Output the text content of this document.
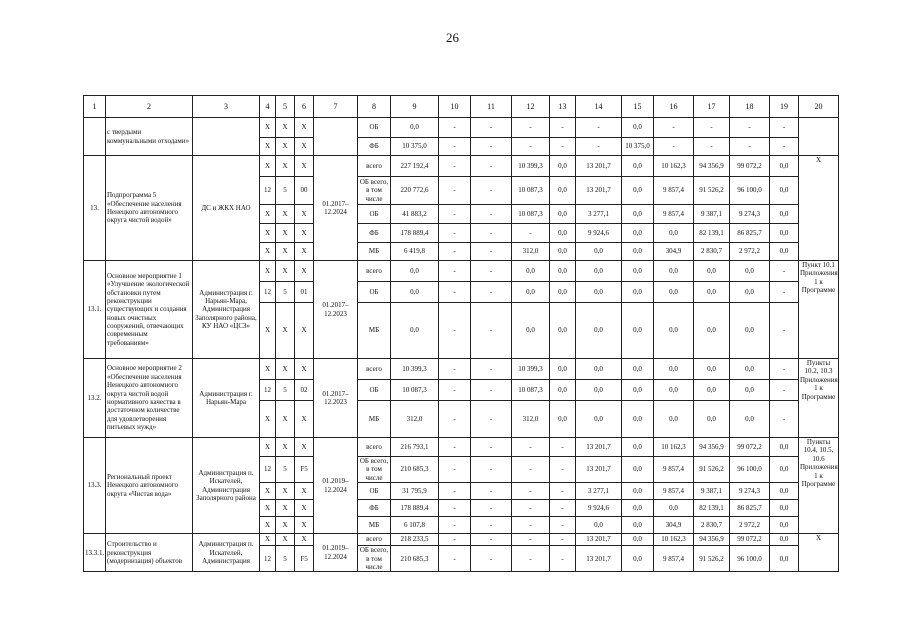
26
1	2	3	4	5	6	7	8	9	10	11	12	13	14	15	16	17	18	19	20
	с твердыми коммунальными отходами»		Х	Х	Х		ОБ	0,0	-	-	-	-	-	0,0	-	-	-	-	
			Х	Х	Х		ФБ	10 375,0	-	-	-	-	-	10 375,0	-	-	-	-	
13.	Подпрограмма 5 «Обеспечение населения Ненецкого автономного округа чистой водой»	ДС и ЖКХ НАО	Х	Х	Х	01.2017–12.2024	всего	227 192,4	-	-	10 399,3	0,0	13 201,7	0,0	10 162,3	94 356,9	99 072,2	0,0	Х
			12	5	00		ОБ всего, в том числе	220 772,6	-	-	10 087,3	0,0	13 201,7	0,0	9 857,4	91 526,2	96 100,0	0,0	
			Х	Х	Х		ОБ	41 883,2	-	-	10 087,3	0,0	3 277,1	0,0	9 857,4	9 387,1	9 274,3	0,0	
			Х	Х	Х		ФБ	178 889,4	-	-	-	0,0	9 924,6	0,0	0,0	82 139,1	86 825,7	0,0	
			Х	Х	Х		МБ	6 419,8	-	-	312,0	0,0	0,0	0,0	304,9	2 830,7	2 972,2	0,0	
13.1.	Основное мероприятие 1 «Улучшение экологической обстановки путем реконструкции существующих и создания новых очистных сооружений, отвечающих современным требованиям»	Администрация г. Нарьян-Мара, Администрация Заполярного района, КУ НАО «ЦСЗ»	Х	Х	Х	01.2017–12.2023	всего	0,0	-	-	0,0	0,0	0,0	0,0	0,0	0,0	0,0	-	Пункт 10.1 Приложения 1 к Программе
			12	5	01		ОБ	0,0	-	-	0,0	0,0	0,0	0,0	0,0	0,0	0,0	-	
			Х	Х	Х		МБ	0,0	-	-	0,0	0,0	0,0	0,0	0,0	0,0	0,0	-	
13.2.	Основное мероприятие 2 «Обеспечение населения Ненецкого автономного округа чистой водой нормативного качества в достаточном количестве для удовлетворения питьевых нужд»	Администрация г. Нарьян-Мара	Х	Х	Х	01.2017–12.2023	всего	10 399,3	-	-	10 399,3	0,0	0,0	0,0	0,0	0,0	0,0	-	Пункты 10.2, 10.3 Приложения 1 к Программе
			12	5	02		ОБ	10 087,3	-	-	10 087,3	0,0	0,0	0,0	0,0	0,0	0,0	-	
			Х	Х	Х		МБ	312,0	-	-	312,0	0,0	0,0	0,0	0,0	0,0	0,0	-	
13.3.	Региональный проект Ненецкого автономного округа «Чистая вода»	Администрация п. Искателей, Администрация Заполярного района	Х	Х	Х	01.2019–12.2024	всего	216 793,1	-	-	-	-	13 201,7	0,0	10 162,3	94 356,9	99 072,2	0,0	Пункты 10.4, 10.5, 10.6 Приложения 1 к Программе
			12	5	F5		ОБ всего, в том числе	210 685,3	-	-	-	-	13 201,7	0,0	9 857,4	91 526,2	96 100,0	0,0	
			Х	Х	Х		ОБ	31 795,9	-	-	-	-	3 277,1	0,0	9 857,4	9 387,1	9 274,3	0,0	
			Х	Х	Х		ФБ	178 889,4	-	-	-	-	9 924,6	0,0	0,0	82 139,1	86 825,7	0,0	
			Х	Х	Х		МБ	6 107,8	-	-	-	-	0,0	0,0	304,9	2 830,7	2 972,2	0,0	
13.3.1.	Строительство и реконструкция (модернизация) объектов	Администрация п. Искателей, Администрация	Х	Х	Х	01.2019–12.2024	всего	218 233,5	-	-	-	-	13 201,7	0,0	10 162,3	94 356,9	99 072,2	0,0	Х
			12	5	F5		ОБ всего, в том числе	210 685,3	-	-	-	-	13 201,7	0,0	9 857,4	91 526,2	96 100,0	0,0	
